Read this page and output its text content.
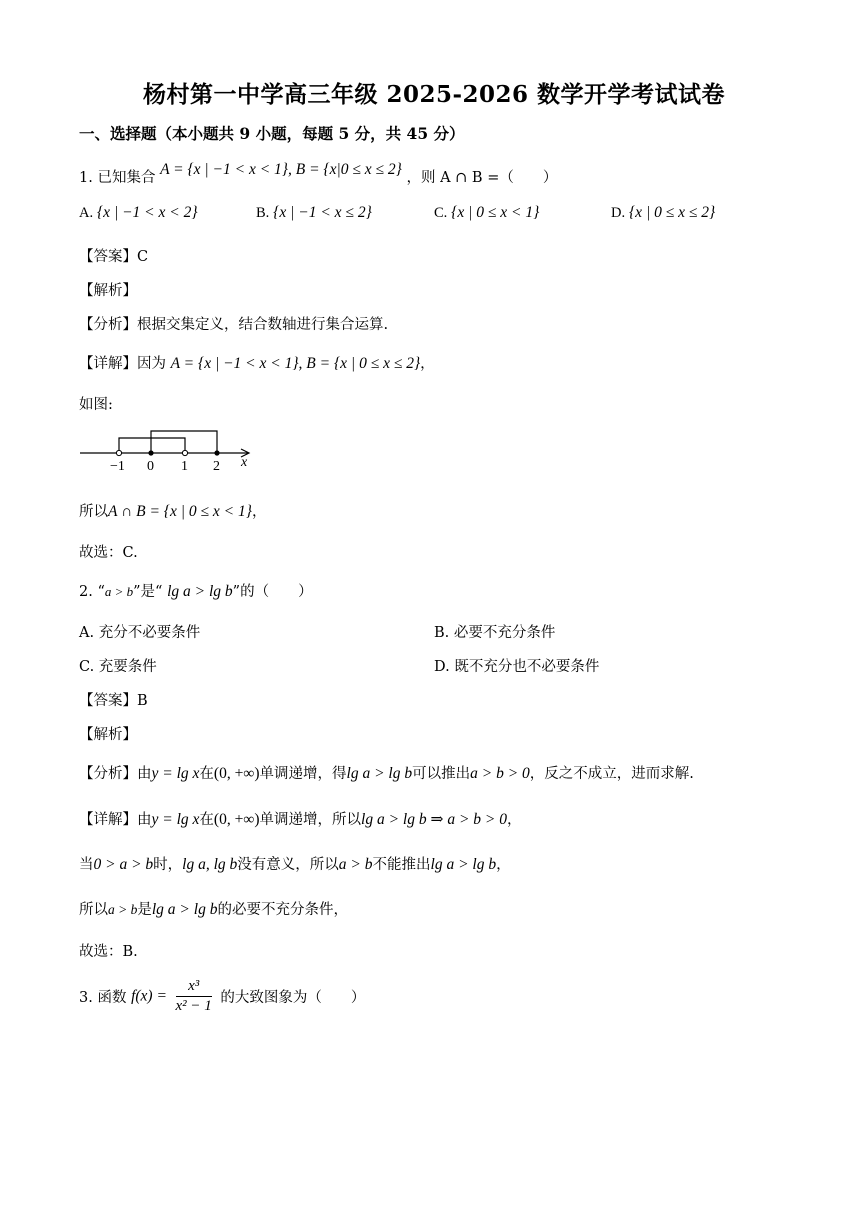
杨村第一中学高三年级 2025-2026 数学开学考试试卷
一、选择题（本小题共 9 小题，每题 5 分，共 45 分）
1. 已知集合 A = {x | −1 < x < 1}, B = {x|0 ≤ x ≤ 2} ，则 A ∩ B =（　　）
A. {x | −1 < x < 2}	B. {x | −1 < x ≤ 2}	C. {x | 0 ≤ x < 1}	D. {x | 0 ≤ x ≤ 2}
【答案】C
【解析】
【分析】根据交集定义，结合数轴进行集合运算.
【详解】因为 A = {x | −1 < x < 1}, B = {x | 0 ≤ x ≤ 2}，
如图:
−1 0 1 2 x
所以A ∩ B = {x | 0 ≤ x < 1}，
故选：C.
2. “a > b”是“ lg a > lg b”的（　　）
A. 充分不必要条件	B. 必要不充分条件
C. 充要条件	D. 既不充分也不必要条件
【答案】B
【解析】
【分析】由y = lg x在(0, +∞)单调递增，得lg a > lg b可以推出a > b > 0，反之不成立，进而求解.
【详解】由y = lg x在(0, +∞)单调递增，所以lg a > lg b ⇒ a > b > 0，
当0 > a > b时，lg a, lg b没有意义，所以a > b不能推出lg a > lg b，
所以a > b是lg a > lg b的必要不充分条件，
故选：B.
3. 函数 $f(x) = \frac{\text{x³}}{\text{x² − 1}}$ 的大致图象为（　　）
